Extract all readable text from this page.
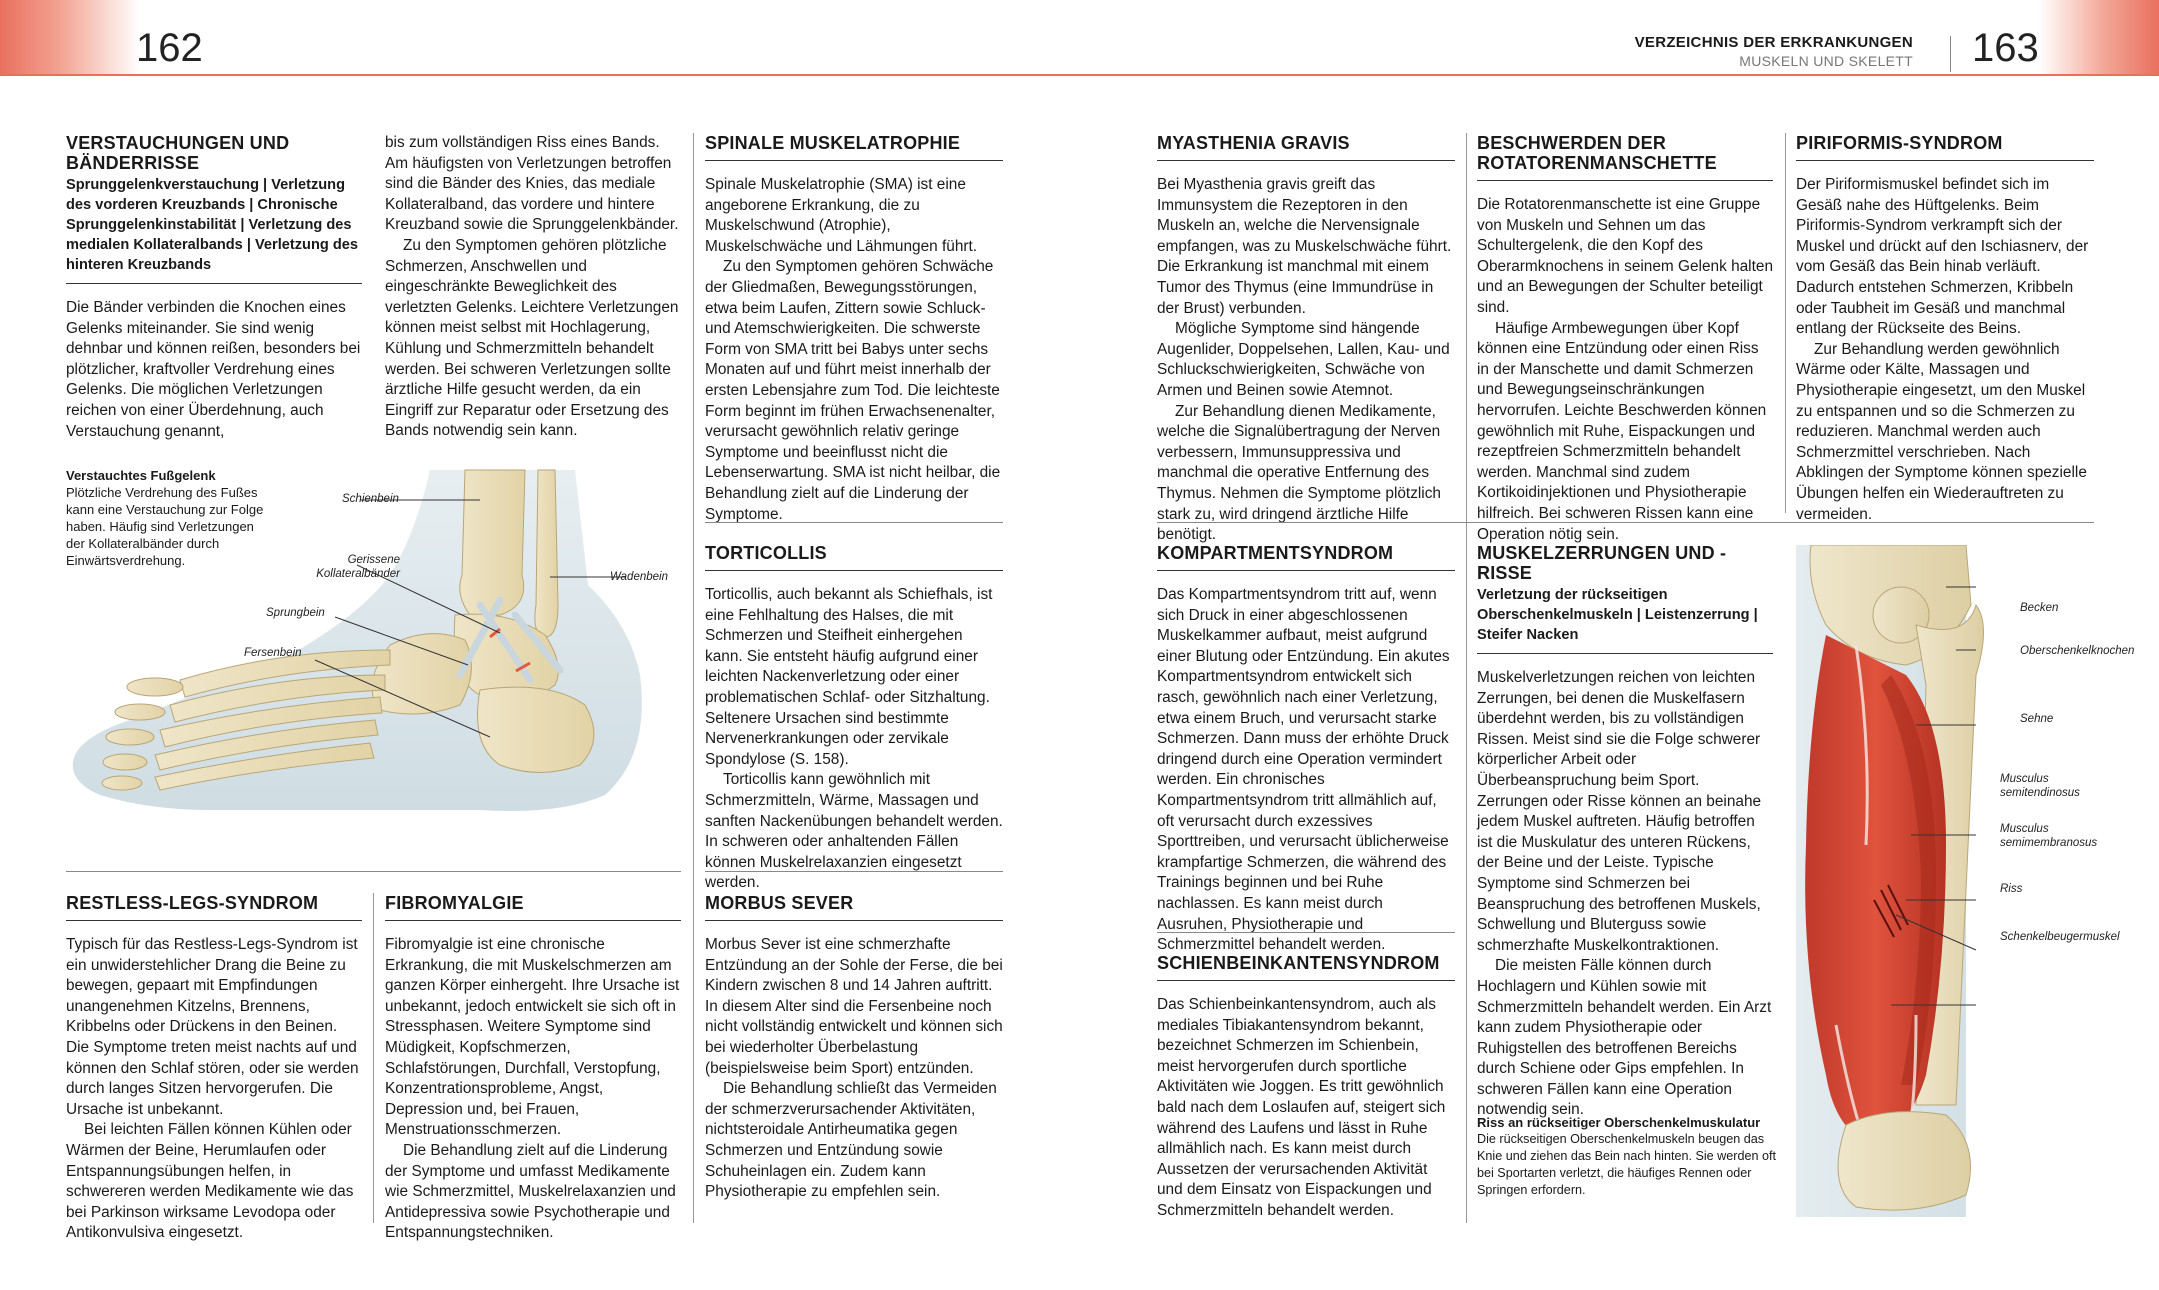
162	163
VERZEICHNIS DER ERKRANKUNGEN
MUSKELN UND SKELETT
VERSTAUCHUNGEN UND BÄNDERRISSE
Sprunggelenkverstauchung | Verletzung des vorderen Kreuzbands | Chronische Sprunggelenkinstabilität | Verletzung des medialen Kollateralbands | Verletzung des hinteren Kreuzbands

Die Bänder verbinden die Knochen eines Gelenks miteinander. Sie sind wenig dehnbar und können reißen, besonders bei plötzlicher, kraftvoller Verdrehung eines Gelenks. Die möglichen Verletzungen reichen von einer Überdehnung, auch Verstauchung genannt,

bis zum vollständigen Riss eines Bands. Am häufigsten von Verletzungen betroffen sind die Bänder des Knies, das mediale Kollateralband, das vordere und hintere Kreuzband sowie die Sprunggelenkbänder.

Zu den Symptomen gehören plötzliche Schmerzen, Anschwellen und eingeschränkte Beweglichkeit des verletzten Gelenks. Leichtere Verletzungen können meist selbst mit Hochlagerung, Kühlung und Schmerzmitteln behandelt werden. Bei schweren Verletzungen sollte ärztliche Hilfe gesucht werden, da ein Eingriff zur Reparatur oder Ersetzung des Bands notwendig sein kann.

Verstauchtes Fußgelenk
Plötzliche Verdrehung des Fußes kann eine Verstauchung zur Folge haben. Häufig sind Verletzungen der Kollateralbänder durch Einwärtsverdrehung.
Schienbein
Gerissene Kollateralbänder	Wadenbein
Sprungbein
Fersenbein
RESTLESS-LEGS-SYNDROM

Typisch für das Restless-Legs-Syndrom ist ein unwiderstehlicher Drang die Beine zu bewegen, gepaart mit Empfindungen unangenehmen Kitzelns, Brennens, Kribbelns oder Drückens in den Beinen. Die Symptome treten meist nachts auf und können den Schlaf stören, oder sie werden durch langes Sitzen hervorgerufen. Die Ursache ist unbekannt.

Bei leichten Fällen können Kühlen oder Wärmen der Beine, Herumlaufen oder Entspannungsübungen helfen, in schwereren werden Medikamente wie das bei Parkinson wirksame Levodopa oder Antikonvulsiva eingesetzt.

FIBROMYALGIE

Fibromyalgie ist eine chronische Erkrankung, die mit Muskelschmerzen am ganzen Körper einhergeht. Ihre Ursache ist unbekannt, jedoch entwickelt sie sich oft in Stressphasen. Weitere Symptome sind Müdigkeit, Kopfschmerzen, Schlafstörungen, Durchfall, Verstopfung, Konzentrationsprobleme, Angst, Depression und, bei Frauen, Menstruationsschmerzen.

Die Behandlung zielt auf die Linderung der Symptome und umfasst Medikamente wie Schmerzmittel, Muskelrelaxanzien und Antidepressiva sowie Psychotherapie und Entspannungstechniken.

SPINALE MUSKELATROPHIE

Spinale Muskelatrophie (SMA) ist eine angeborene Erkrankung, die zu Muskelschwund (Atrophie), Muskelschwäche und Lähmungen führt.

Zu den Symptomen gehören Schwäche der Gliedmaßen, Bewegungsstörungen, etwa beim Laufen, Zittern sowie Schluck- und Atemschwierigkeiten. Die schwerste Form von SMA tritt bei Babys unter sechs Monaten auf und führt meist innerhalb der ersten Lebensjahre zum Tod. Die leichteste Form beginnt im frühen Erwachsenenalter, verursacht gewöhnlich relativ geringe Symptome und beeinflusst nicht die Lebenserwartung. SMA ist nicht heilbar, die Behandlung zielt auf die Linderung der Symptome.

TORTICOLLIS

Torticollis, auch bekannt als Schiefhals, ist eine Fehlhaltung des Halses, die mit Schmerzen und Steifheit einhergehen kann. Sie entsteht häufig aufgrund einer leichten Nackenverletzung oder einer problematischen Schlaf- oder Sitzhaltung. Seltenere Ursachen sind bestimmte Nervenerkrankungen oder zervikale Spondylose (S. 158).

Torticollis kann gewöhnlich mit Schmerzmitteln, Wärme, Massagen und sanften Nackenübungen behandelt werden. In schweren oder anhaltenden Fällen können Muskelrelaxanzien eingesetzt werden.

MORBUS SEVER

Morbus Sever ist eine schmerzhafte Entzündung an der Sohle der Ferse, die bei Kindern zwischen 8 und 14 Jahren auftritt. In diesem Alter sind die Fersenbeine noch nicht vollständig entwickelt und können sich bei wiederholter Überbelastung (beispielsweise beim Sport) entzünden.

Die Behandlung schließt das Vermeiden der schmerzverursachender Aktivitäten, nichtsteroidale Antirheumatika gegen Schmerzen und Entzündung sowie Schuheinlagen ein. Zudem kann Physiotherapie zu empfehlen sein.

MYASTHENIA GRAVIS

Bei Myasthenia gravis greift das Immunsystem die Rezeptoren in den Muskeln an, welche die Nervensignale empfangen, was zu Muskelschwäche führt. Die Erkrankung ist manchmal mit einem Tumor des Thymus (eine Immundrüse in der Brust) verbunden.

Mögliche Symptome sind hängende Augenlider, Doppelsehen, Lallen, Kau- und Schluckschwierigkeiten, Schwäche von Armen und Beinen sowie Atemnot.

Zur Behandlung dienen Medikamente, welche die Signalübertragung der Nerven verbessern, Immunsuppressiva und manchmal die operative Entfernung des Thymus. Nehmen die Symptome plötzlich stark zu, wird dringend ärztliche Hilfe benötigt.

BESCHWERDEN DER ROTATORENMANSCHETTE

Die Rotatorenmanschette ist eine Gruppe von Muskeln und Sehnen um das Schultergelenk, die den Kopf des Oberarmknochens in seinem Gelenk halten und an Bewegungen der Schulter beteiligt sind.

Häufige Armbewegungen über Kopf können eine Entzündung oder einen Riss in der Manschette und damit Schmerzen und Bewegungseinschränkungen hervorrufen. Leichte Beschwerden können gewöhnlich mit Ruhe, Eispackungen und rezeptfreien Schmerzmitteln behandelt werden. Manchmal sind zudem Kortikoidinjektionen und Physiotherapie hilfreich. Bei schweren Rissen kann eine Operation nötig sein.

PIRIFORMIS-SYNDROM

Der Piriformismuskel befindet sich im Gesäß nahe des Hüftgelenks. Beim Piriformis-Syndrom verkrampft sich der Muskel und drückt auf den Ischiasnerv, der vom Gesäß das Bein hinab verläuft. Dadurch entstehen Schmerzen, Kribbeln oder Taubheit im Gesäß und manchmal entlang der Rückseite des Beins.

Zur Behandlung werden gewöhnlich Wärme oder Kälte, Massagen und Physiotherapie eingesetzt, um den Muskel zu entspannen und so die Schmerzen zu reduzieren. Manchmal werden auch Schmerzmittel verschrieben. Nach Abklingen der Symptome können spezielle Übungen helfen ein Wiederauftreten zu vermeiden.

KOMPARTMENTSYNDROM

Das Kompartmentsyndrom tritt auf, wenn sich Druck in einer abgeschlossenen Muskelkammer aufbaut, meist aufgrund einer Blutung oder Entzündung. Ein akutes Kompartmentsyndrom entwickelt sich rasch, gewöhnlich nach einer Verletzung, etwa einem Bruch, und verursacht starke Schmerzen. Dann muss der erhöhte Druck dringend durch eine Operation vermindert werden. Ein chronisches Kompartmentsyndrom tritt allmählich auf, oft verursacht durch exzessives Sporttreiben, und verursacht üblicherweise krampfartige Schmerzen, die während des Trainings beginnen und bei Ruhe nachlassen. Es kann meist durch Ausruhen, Physiotherapie und Schmerzmittel behandelt werden.

SCHIENBEINKANTENSYNDROM

Das Schienbeinkantensyndrom, auch als mediales Tibiakantensyndrom bekannt, bezeichnet Schmerzen im Schienbein, meist hervorgerufen durch sportliche Aktivitäten wie Joggen. Es tritt gewöhnlich bald nach dem Loslaufen auf, steigert sich während des Laufens und lässt in Ruhe allmählich nach. Es kann meist durch Aussetzen der verursachenden Aktivität und dem Einsatz von Eispackungen und Schmerzmitteln behandelt werden.

MUSKELZERRUNGEN UND -RISSE
Verletzung der rückseitigen Oberschenkelmuskeln | Leistenzerrung | Steifer Nacken

Muskelverletzungen reichen von leichten Zerrungen, bei denen die Muskelfasern überdehnt werden, bis zu vollständigen Rissen. Meist sind sie die Folge schwerer körperlicher Arbeit oder Überbeanspruchung beim Sport. Zerrungen oder Risse können an beinahe jedem Muskel auftreten. Häufig betroffen ist die Muskulatur des unteren Rückens, der Beine und der Leiste. Typische Symptome sind Schmerzen bei Beanspruchung des betroffenen Muskels, Schwellung und Bluterguss sowie schmerzhafte Muskelkontraktionen.

Die meisten Fälle können durch Hochlagern und Kühlen sowie mit Schmerzmitteln behandelt werden. Ein Arzt kann zudem Physiotherapie oder Ruhigstellen des betroffenen Bereichs durch Schiene oder Gips empfehlen. In schweren Fällen kann eine Operation notwendig sein.

Riss an rückseitiger Oberschenkelmuskulatur
Die rückseitigen Oberschenkelmuskeln beugen das Knie und ziehen das Bein nach hinten. Sie werden oft bei Sportarten verletzt, die häufiges Rennen oder Springen erfordern.
Becken
Oberschenkelknochen
Sehne
Musculus semitendinosus
Musculus semimembranosus
Riss
Schenkelbeugermuskel
